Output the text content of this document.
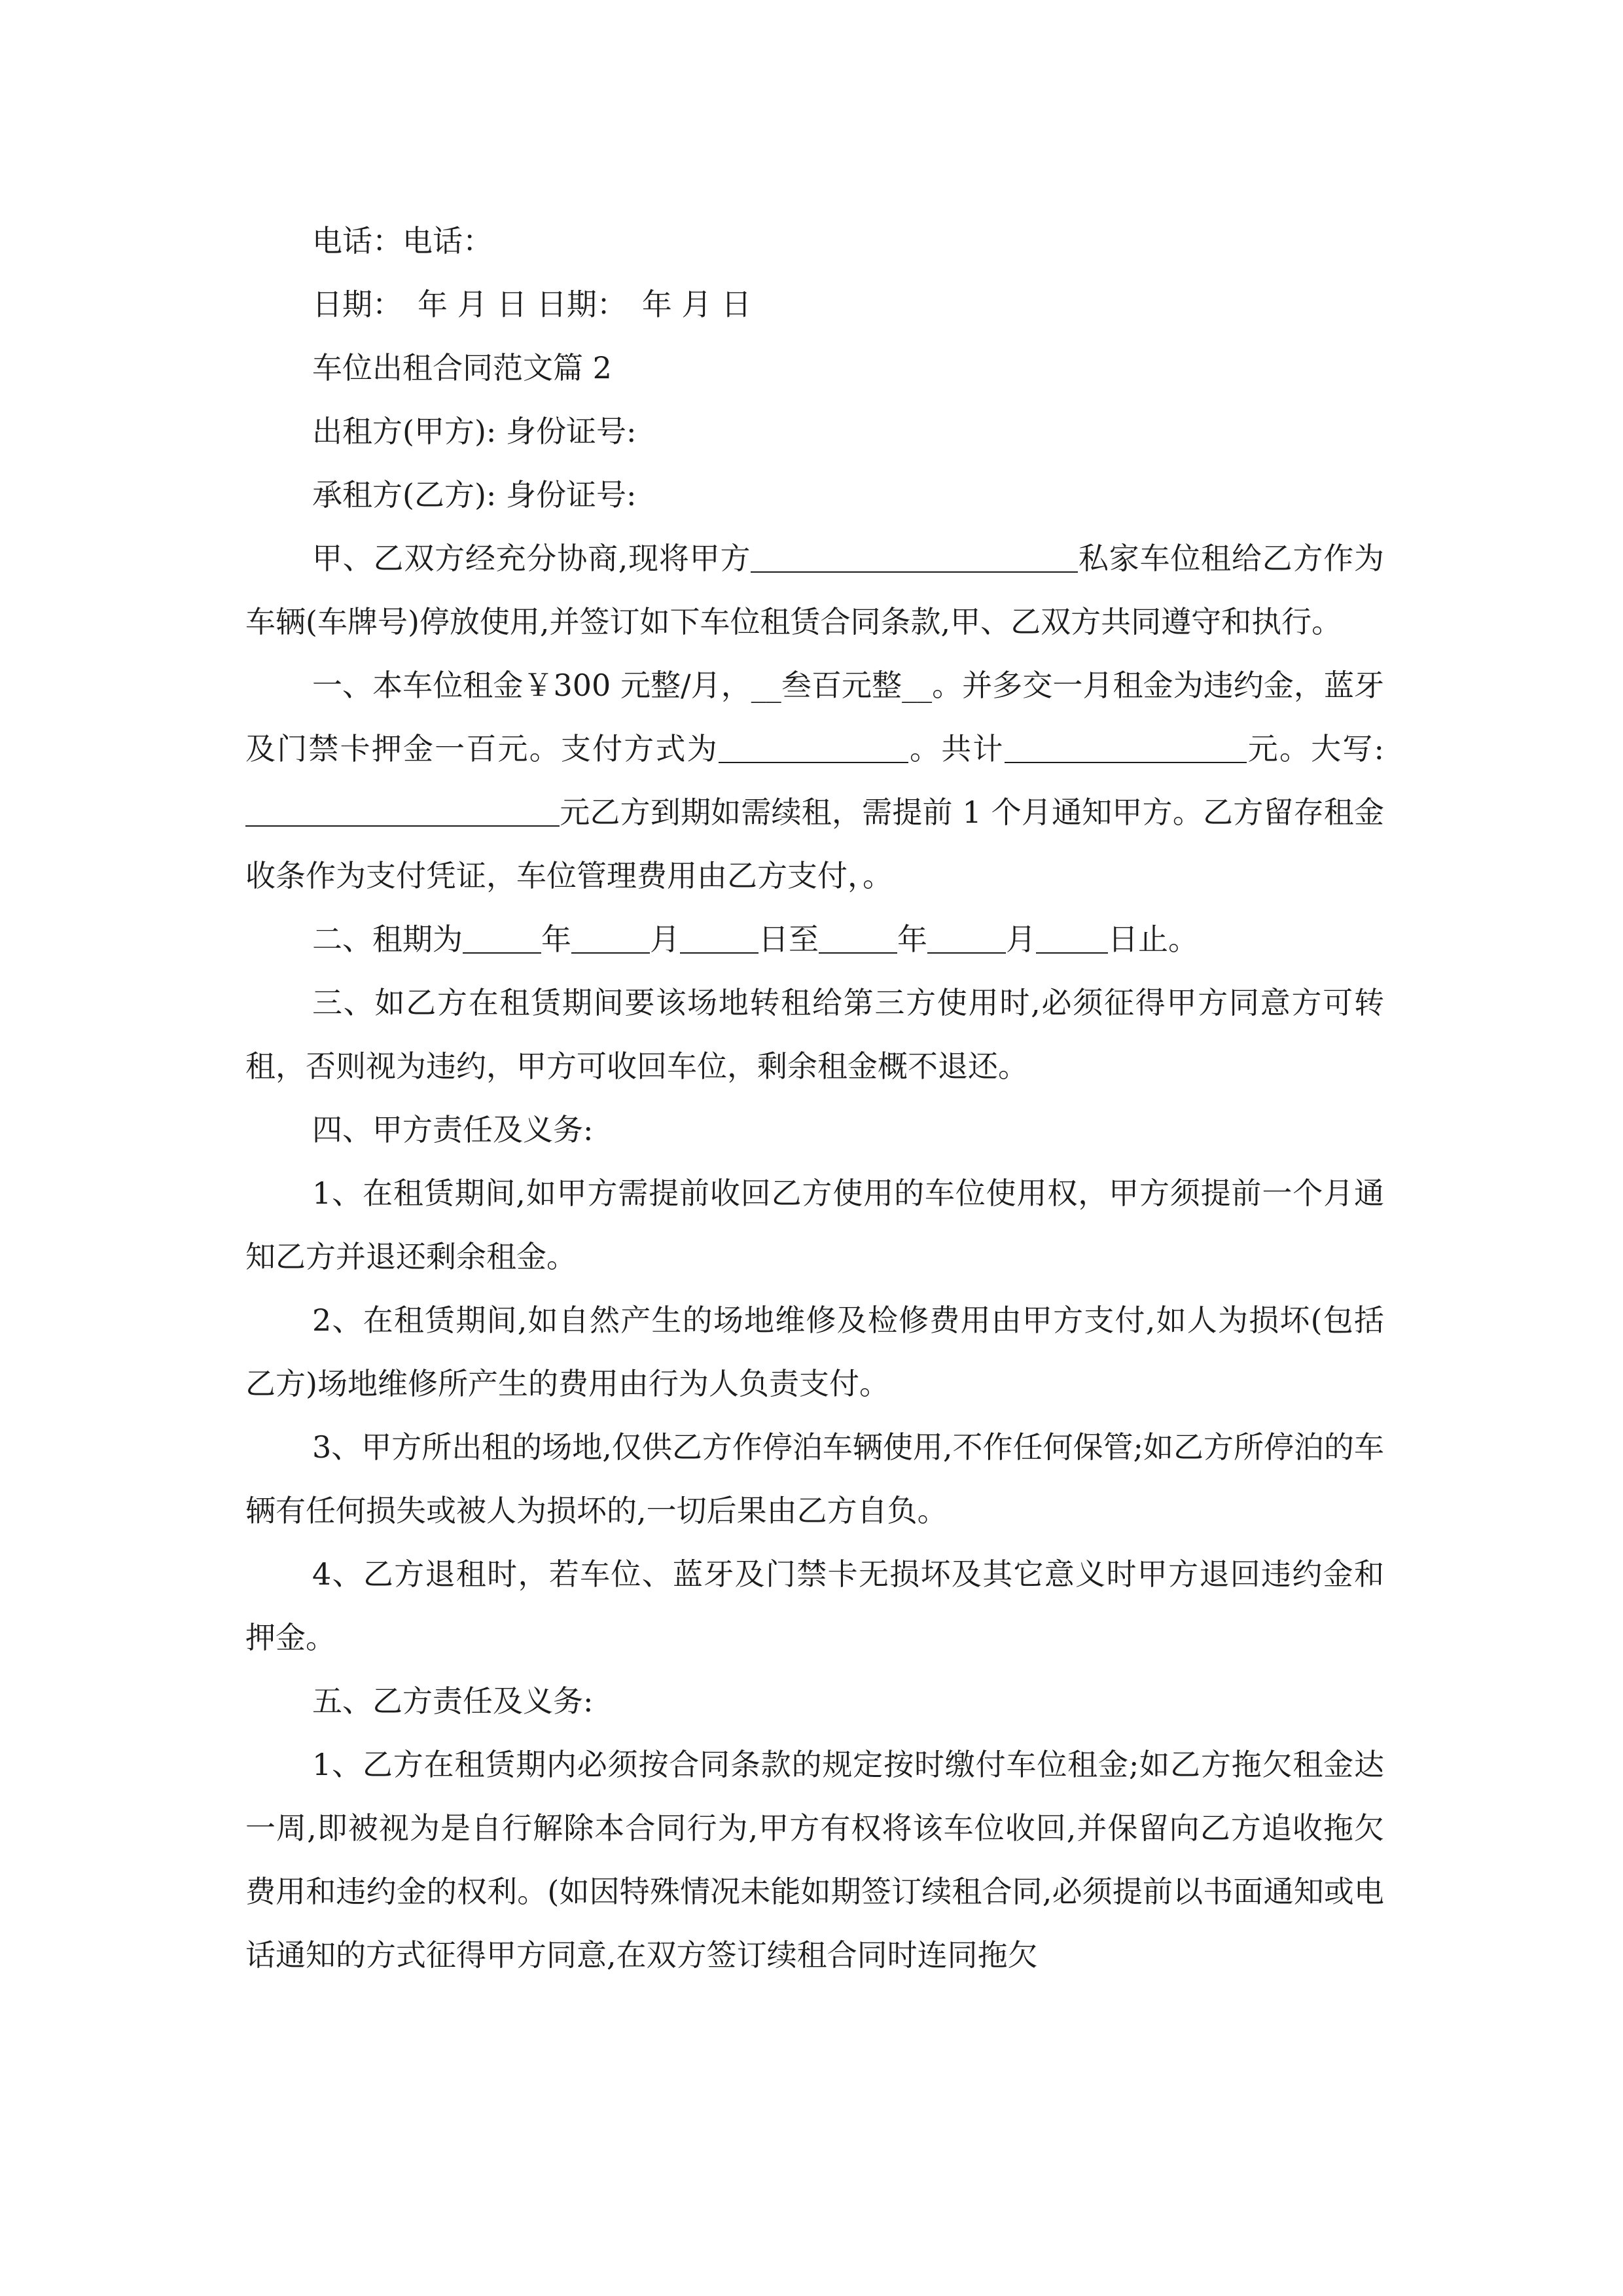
电话：电话：

日期：　年 月 日 日期：　年 月 日

车位出租合同范文篇 2

出租方(甲方): 身份证号:

承租方(乙方): 身份证号:

甲、乙双方经充分协商,现将甲方	私家车位租给乙方作为车辆(车牌号)停放使用,并签订如下车位租赁合同条款,甲、乙双方共同遵守和执行。

一、本车位租金￥300 元整/月，__叁百元整__。并多交一月租金为违约金，蓝牙及门禁卡押金一百元。支付方式为	。共计	元。大写:元乙方到期如需续租，需提前 1 个月通知甲方。乙方留存租金收条作为支付凭证，车位管理费用由乙方支付，。

二、租期为	年	月	日至	年	月 日止。

三、如乙方在租赁期间要该场地转租给第三方使用时,必须征得甲方同意方可转租，否则视为违约，甲方可收回车位，剩余租金概不退还。

四、甲方责任及义务:

1、在租赁期间,如甲方需提前收回乙方使用的车位使用权，甲方须提前一个月通知乙方并退还剩余租金。

2、在租赁期间,如自然产生的场地维修及检修费用由甲方支付,如人为损坏(包括乙方)场地维修所产生的费用由行为人负责支付。

3、甲方所出租的场地,仅供乙方作停泊车辆使用,不作任何保管;如乙方所停泊的车辆有任何损失或被人为损坏的,一切后果由乙方自负。

4、乙方退租时，若车位、蓝牙及门禁卡无损坏及其它意义时甲方退回违约金和押金。

五、乙方责任及义务:

1、乙方在租赁期内必须按合同条款的规定按时缴付车位租金;如乙方拖欠租金达一周,即被视为是自行解除本合同行为,甲方有权将该车位收回,并保留向乙方追收拖欠费用和违约金的权利。(如因特殊情况未能如期签订续租合同,必须提前以书面通知或电话通知的方式征得甲方同意,在双方签订续租合同时连同拖欠
